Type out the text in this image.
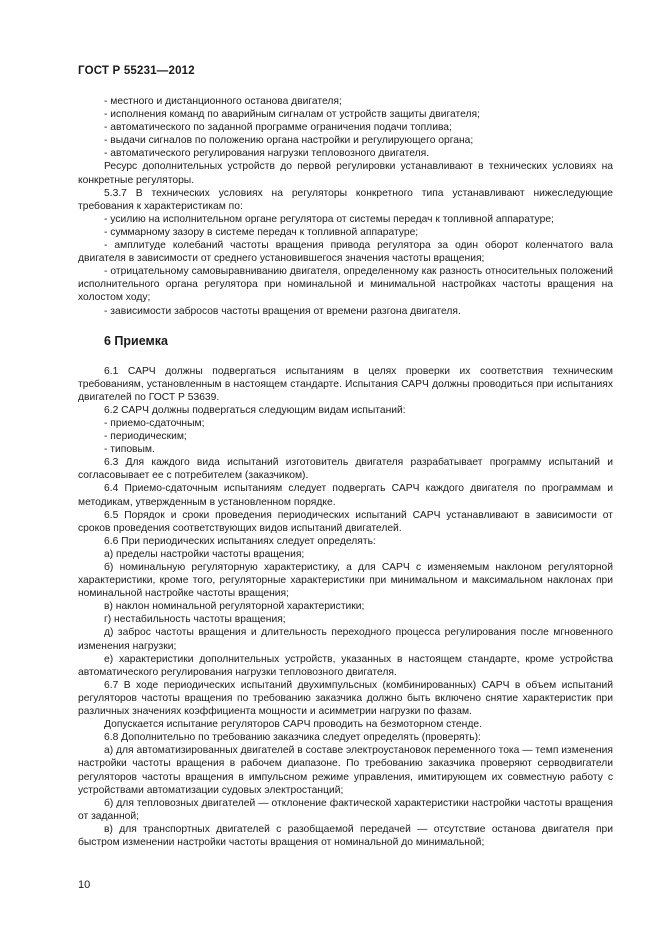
ГОСТ Р 55231—2012

- местного и дистанционного останова двигателя;

- исполнения команд по аварийным сигналам от устройств защиты двигателя;

- автоматического по заданной программе ограничения подачи топлива;

- выдачи сигналов по положению органа настройки и регулирующего органа;

- автоматического регулирования нагрузки тепловозного двигателя.

Ресурс дополнительных устройств до первой регулировки устанавливают в технических условиях на конкретные регуляторы.

5.3.7 В технических условиях на регуляторы конкретного типа устанавливают нижеследующие требования к характеристикам по:

- усилию на исполнительном органе регулятора от системы передач к топливной аппаратуре;

- суммарному зазору в системе передач к топливной аппаратуре;

- амплитуде колебаний частоты вращения привода регулятора за один оборот коленчатого вала двигателя в зависимости от среднего установившегося значения частоты вращения;

- отрицательному самовыравниванию двигателя, определенному как разность относительных положений исполнительного органа регулятора при номинальной и минимальной настройках частоты вращения на холостом ходу;

- зависимости забросов частоты вращения от времени разгона двигателя.

6 Приемка

6.1 САРЧ должны подвергаться испытаниям в целях проверки их соответствия техническим требованиям, установленным в настоящем стандарте. Испытания САРЧ должны проводиться при испытаниях двигателей по ГОСТ Р 53639.

6.2 САРЧ должны подвергаться следующим видам испытаний:

- приемо-сдаточным;

- периодическим;

- типовым.

6.3 Для каждого вида испытаний изготовитель двигателя разрабатывает программу испытаний и согласовывает ее с потребителем (заказчиком).

6.4 Приемо-сдаточным испытаниям следует подвергать САРЧ каждого двигателя по программам и методикам, утвержденным в установленном порядке.

6.5 Порядок и сроки проведения периодических испытаний САРЧ устанавливают в зависимости от сроков проведения соответствующих видов испытаний двигателей.

6.6 При периодических испытаниях следует определять:

а) пределы настройки частоты вращения;

б) номинальную регуляторную характеристику, а для САРЧ с изменяемым наклоном регуляторной характеристики, кроме того, регуляторные характеристики при минимальном и максимальном наклонах при номинальной настройке частоты вращения;

в) наклон номинальной регуляторной характеристики;

г) нестабильность частоты вращения;

д) заброс частоты вращения и длительность переходного процесса регулирования после мгновенного изменения нагрузки;

е) характеристики дополнительных устройств, указанных в настоящем стандарте, кроме устройства автоматического регулирования нагрузки тепловозного двигателя.

6.7 В ходе периодических испытаний двухимпульсных (комбинированных) САРЧ в объем испытаний регуляторов частоты вращения по требованию заказчика должно быть включено снятие характеристик при различных значениях коэффициента мощности и асимметрии нагрузки по фазам.

Допускается испытание регуляторов САРЧ проводить на безмоторном стенде.

6.8 Дополнительно по требованию заказчика следует определять (проверять):

а) для автоматизированных двигателей в составе электроустановок переменного тока — темп изменения настройки частоты вращения в рабочем диапазоне. По требованию заказчика проверяют серводвигатели регуляторов частоты вращения в импульсном режиме управления, имитирующем их совместную работу с устройствами автоматизации судовых электростанций;

б) для тепловозных двигателей — отклонение фактической характеристики настройки частоты вращения от заданной;

в) для транспортных двигателей с разобщаемой передачей — отсутствие останова двигателя при быстром изменении настройки частоты вращения от номинальной до минимальной;

10
